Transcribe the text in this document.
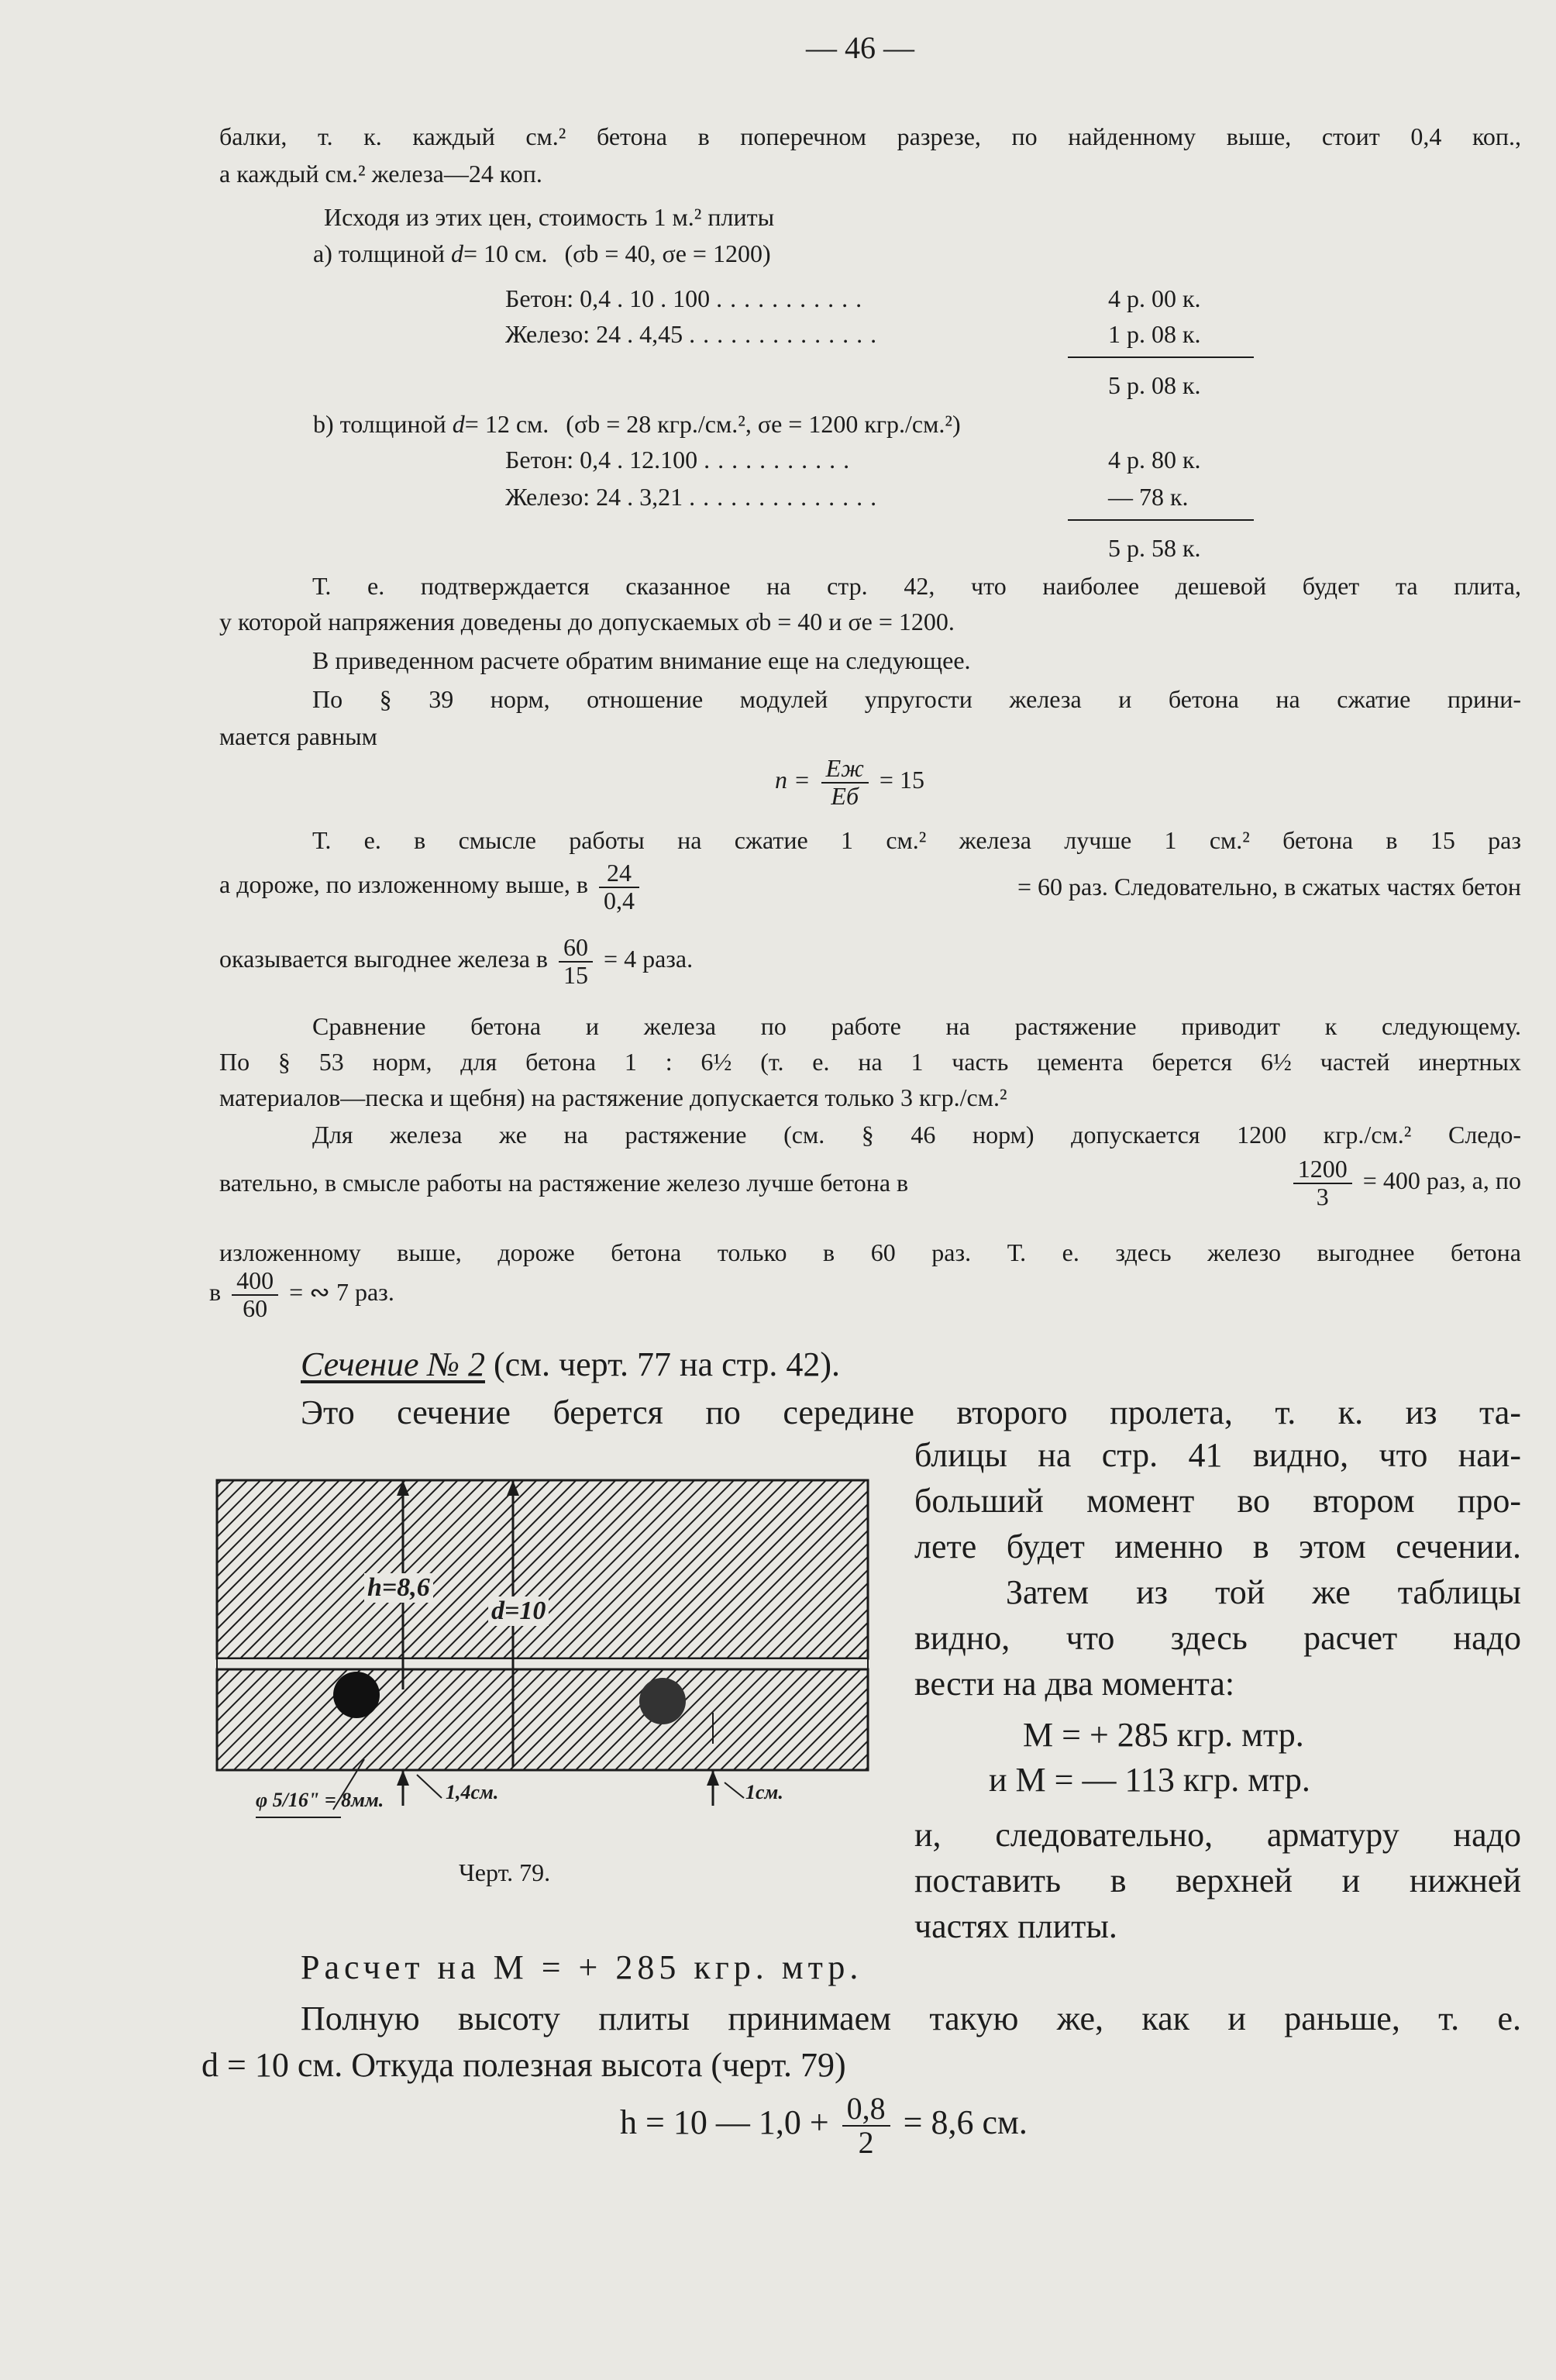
— 46 —
балки, т. к. каждый см.² бетона в поперечном разрезе, по найденному выше, стоит 0,4 коп.,
а каждый см.² железа—24 коп.
Исходя из этих цен, стоимость 1 м.² плиты
а) толщиной d= 10 см. (σb = 40, σe = 1200)
Бетон: 0,4 . 10 . 100 ...........	4 р. 00 к.
Железо: 24 . 4,45 ..............	1 р. 08 к.
5 р. 08 к.
b) толщиной d= 12 см. (σb = 28 кгр./см.², σe = 1200 кгр./см.²)
Бетон: 0,4 . 12.100 ...........	4 р. 80 к.
Железо: 24 . 3,21 ..............	— 78 к.
5 р. 58 к.
Т. е. подтверждается сказанное на стр. 42, что наиболее дешевой будет та плита,
у которой напряжения доведены до допускаемых σb = 40 и σe = 1200.
В приведенном расчете обратим внимание еще на следующее.
По § 39 норм, отношение модулей упругости железа и бетона на сжатие прини-
мается равным
$n = \frac{Eж}{Eб} = 15$
Т. е. в смысле работы на сжатие 1 см.² железа лучше 1 см.² бетона в 15 раз
а дороже, по изложенному выше, в $\frac{24}{0,4}$	= 60 раз. Следовательно, в сжатых частях бетон
оказывается выгоднее железа в $\frac{60}{15} = 4$ раза.
Сравнение бетона и железа по работе на растяжение приводит к следующему.
По § 53 норм, для бетона 1 : 6½ (т. е. на 1 часть цемента берется 6½ частей инертных
материалов—песка и щебня) на растяжение допускается только 3 кгр./см.²
Для железа же на растяжение (см. § 46 норм) допускается 1200 кгр./см.² Следо-
вательно, в смысле работы на растяжение железо лучше бетона в	$\frac{1200}{3} = 400$ раз, а, по
изложенному выше, дороже бетона только в 60 раз. Т. е. здесь железо выгоднее бетона
в $\frac{400}{60}$ = ∾ 7 раз.
Сечение № 2 (см. черт. 77 на стр. 42).
Это сечение берется по середине второго пролета, т. к. из та-
h=8,6
d=10
1,4см.	1см.
φ 5/16" = 8мм.
Черт. 79.
блицы на стр. 41 видно, что наи-
больший момент во втором про-
лете будет именно в этом сечении.
Затем из той же таблицы
видно, что здесь расчет надо
вести на два момента:
M = + 285 кгр. мтр.
и M = — 113 кгр. мтр.
и, следовательно, арматуру надо
поставить в верхней и нижней
частях плиты.
Расчет на M = + 285 кгр. мтр.
Полную высоту плиты принимаем такую же, как и раньше, т. е.
d = 10 см. Откуда полезная высота (черт. 79)
h = 10 — $1,0 + \frac{0,8}{2} = 8,6$ см.
